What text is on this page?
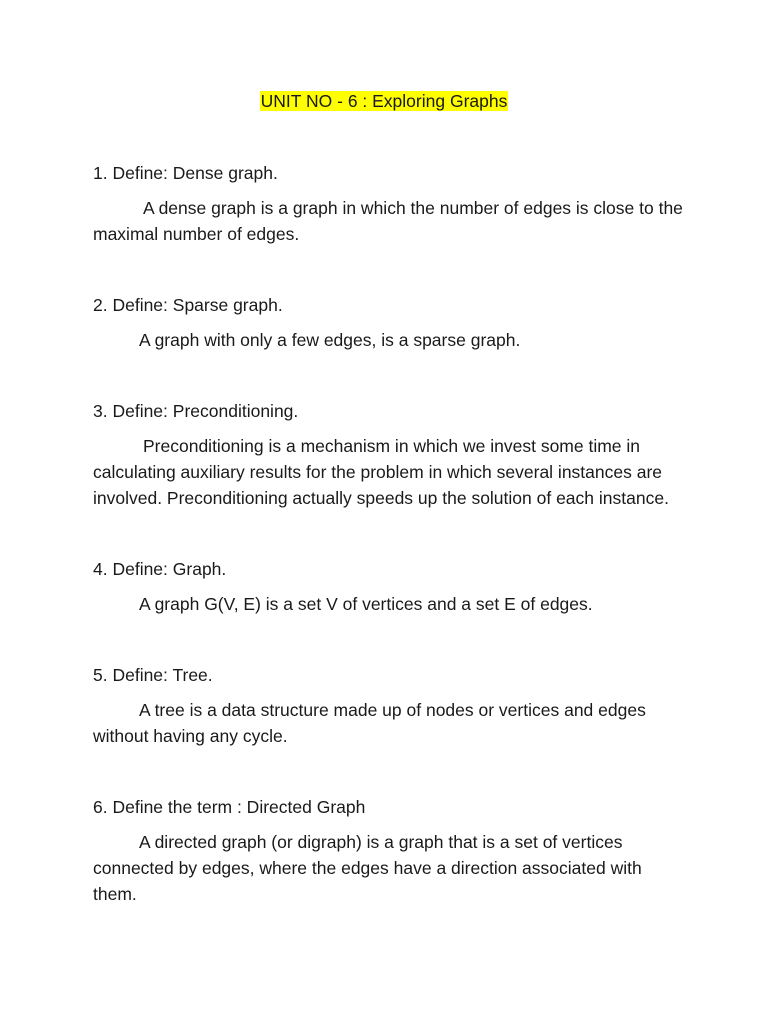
UNIT NO - 6 : Exploring Graphs

1. Define: Dense graph.

A dense graph is a graph in which the number of edges is close to the maximal number of edges.

2. Define: Sparse graph.

A graph with only a few edges, is a sparse graph.

3. Define: Preconditioning.

Preconditioning is a mechanism in which we invest some time in calculating auxiliary results for the problem in which several instances are involved. Preconditioning actually speeds up the solution of each instance.

4. Define: Graph.

A graph G(V, E) is a set V of vertices and a set E of edges.

5. Define: Tree.

A tree is a data structure made up of nodes or vertices and edges without having any cycle.

6. Define the term : Directed Graph

A directed graph (or digraph) is a graph that is a set of vertices connected by edges, where the edges have a direction associated with them.
